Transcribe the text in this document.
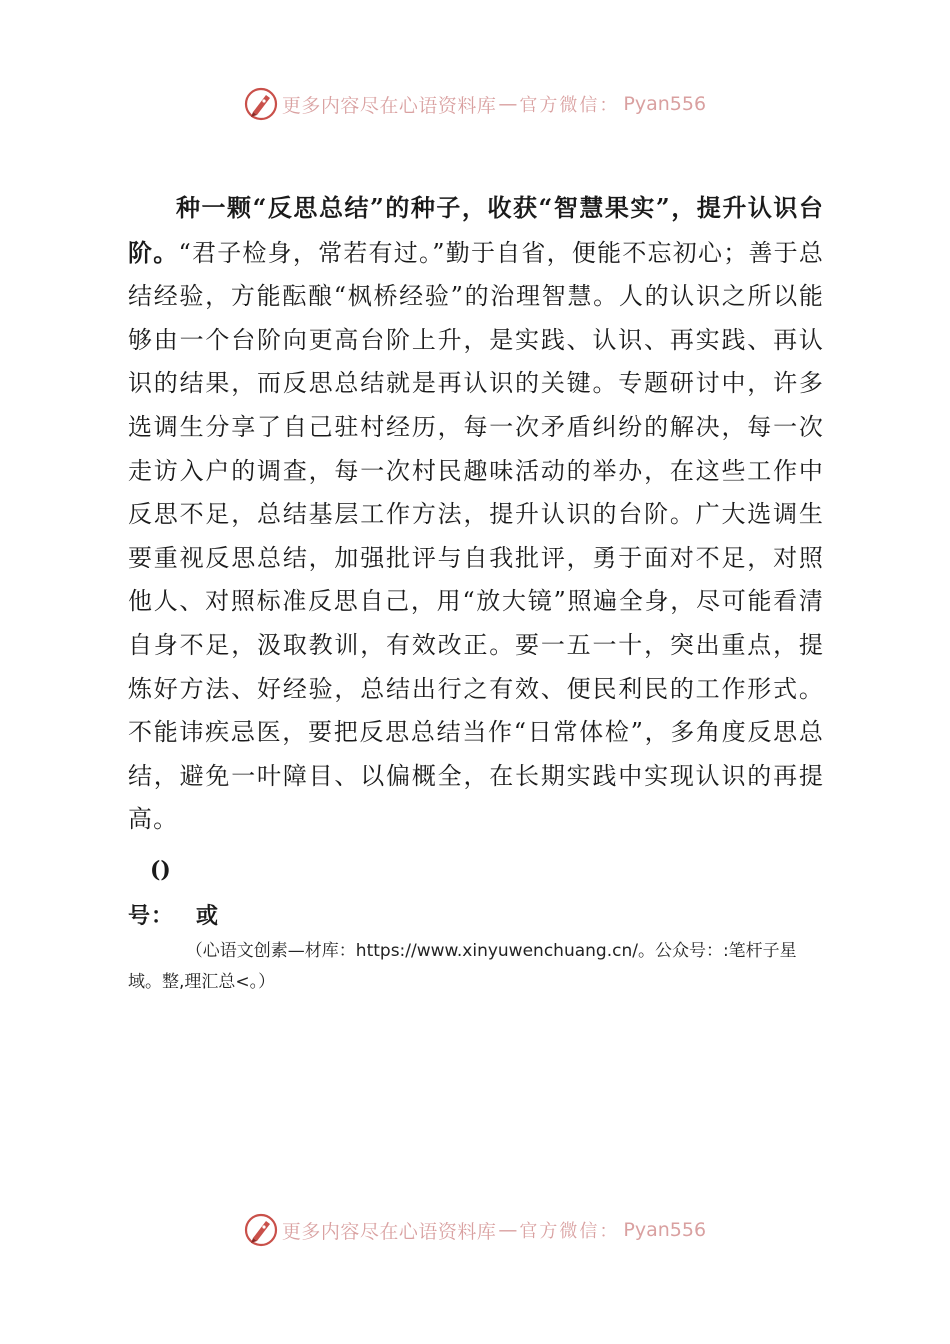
更多内容尽在心语资料库 — 官方微信： Pyan556

种一颗“反思总结”的种子，收获“智慧果实”，提升认识台阶。“君子检身，常若有过。”勤于自省，便能不忘初心；善于总结经验，方能酝酿“枫桥经验”的治理智慧。人的认识之所以能够由一个台阶向更高台阶上升，是实践、认识、再实践、再认识的结果，而反思总结就是再认识的关键。专题研讨中，许多选调生分享了自己驻村经历，每一次矛盾纠纷的解决，每一次走访入户的调查，每一次村民趣味活动的举办，在这些工作中反思不足，总结基层工作方法，提升认识的台阶。广大选调生要重视反思总结，加强批评与自我批评，勇于面对不足，对照他人、对照标准反思自己，用“放大镜”照遍全身，尽可能看清自身不足，汲取教训，有效改正。要一五一十，突出重点，提炼好方法、好经验，总结出行之有效、便民利民的工作形式。不能讳疾忌医，要把反思总结当作“日常体检”，多角度反思总结，避免一叶障目、以偏概全，在长期实践中实现认识的再提高。

()
号： 或

（心语文创素—材库：https://www.xinyuwenchuang.cn/。公众号：:笔杆子星域。整,理汇总<。）

更多内容尽在心语资料库 — 官方微信： Pyan556
